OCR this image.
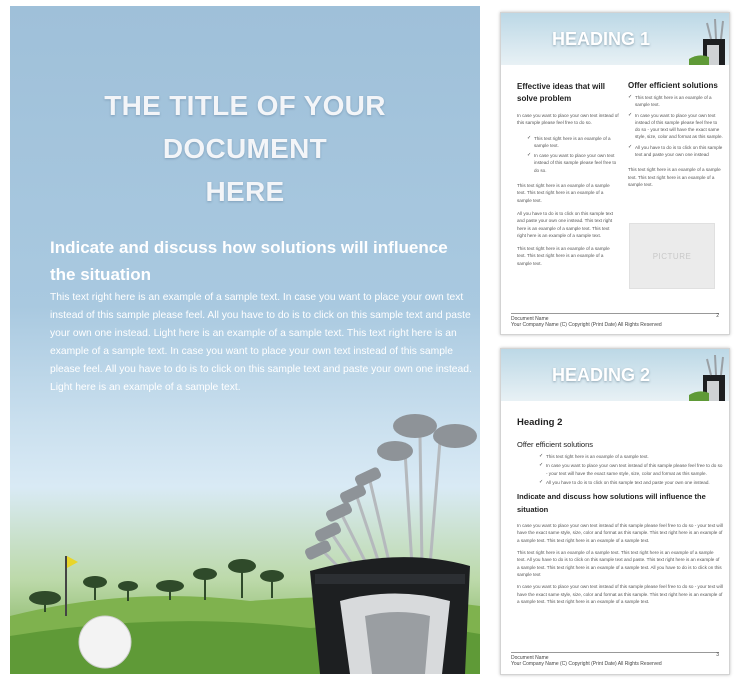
THE TITLE OF YOUR
DOCUMENT
HERE
Indicate and discuss how solutions will influence the situation
This text right here is an example of a sample text. In case you want to place your own text instead of this sample please feel. All you have to do is to click on this sample text and paste your own one instead. Light here is an example of a sample text. This text right here is an example of a sample text. In case you want to place your own text instead of this sample please feel. All you have to do is to click on this sample text and paste your own one instead. Light here is an example of a sample text.
HEADING 1
Effective ideas that will solve problem
In case you want to place your own text instead of this sample please feel free to do so.
✓ This text right here is an example of a sample text.
✓ In case you want to place your own text instead of this sample please feel free to do so.
This text right here is an example of a sample text. This text right here is an example of a sample text.
All you have to do is to click on this sample text and paste your own one instead. This text right here is an example of a sample text. This text right here is an example of a sample text.
This text right here is an example of a sample text. This text right here is an example of a sample text.
Offer efficient solutions
✓ This text right here is an example of a sample text.
✓ In case you want to place your own text instead of this sample please feel free to do so - your text will have the exact same style, size, color and format as this sample.
✓ All you have to do is to click on this sample text and paste your own one instead
This text right here is an example of a sample text. This text right here is an example of a sample text.
PICTURE
Document Name
Your Company Name (C) Copyright (Print Date) All Rights Reserved
2
HEADING 2
Heading 2
Offer efficient solutions
✓ This text right here is an example of a sample text.
✓ In case you want to place your own text instead of this sample please feel free to do so - your text will have the exact same style, size, color and format as this sample.
✓ All you have to do is to click on this sample text and paste your own one instead.
Indicate and discuss how solutions will influence the situation
In case you want to place your own text instead of this sample please feel free to do so - your text will have the exact same style, size, color and format as this sample. This text right here is an example of a sample text. This text right here is an example of a sample text.
This text right here is an example of a sample text. This text right here is an example of a sample text. All you have to do is to click on this sample text and paste. This text right here is an example of a sample text. This text right here is an example of a sample text. All you have to do is to click on this sample text
In case you want to place your own text instead of this sample please feel free to do so - your text will have the exact same style, size, color and format as this sample. This text right here is an example of a sample text. This text right here is an example of a sample text.
Document Name
Your Company Name (C) Copyright (Print Date) All Rights Reserved
3
